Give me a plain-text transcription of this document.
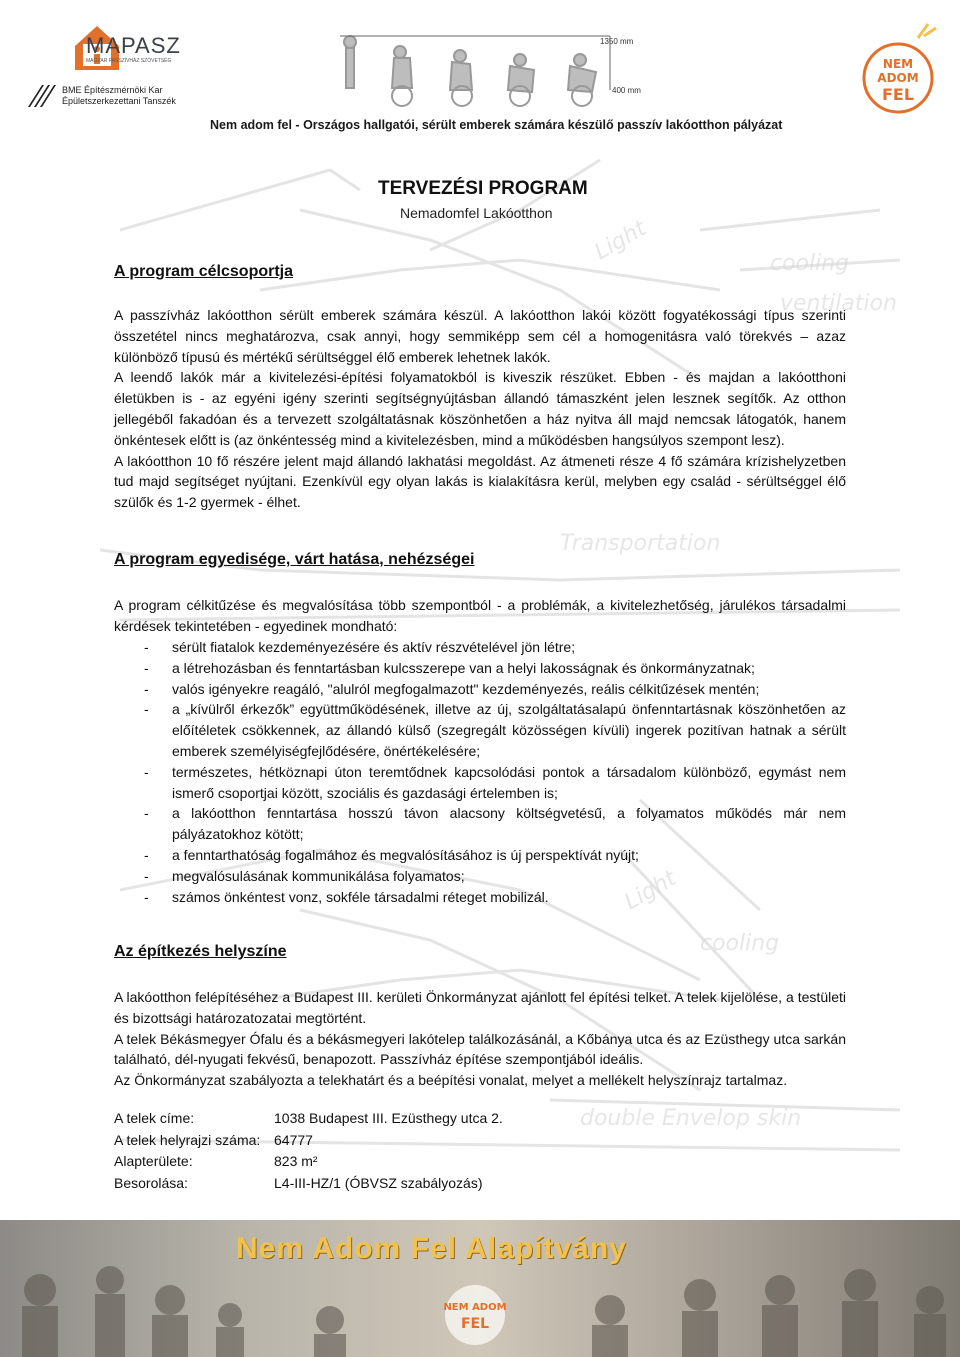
cooling
ventilation
Transportation
Light
Light
cooling
double Envelop skin
MAPASZ
MAGYAR PASSZÍVHÁZ SZÖVETSÉG
BME Építészmérnöki Kar
Épületszerkezettani Tanszék
1350 mm
400 mm
NEM
ADOM
FEL
Nem adom fel - Országos hallgatói, sérült emberek számára készülő passzív lakóotthon pályázat
TERVEZÉSI PROGRAM
Nemadomfel Lakóotthon
A program célcsoportja

A passzívház lakóotthon sérült emberek számára készül. A lakóotthon lakói között fogyatékossági típus szerinti összetétel nincs meghatározva, csak annyi, hogy semmiképp sem cél a homogenitásra való törekvés – azaz különböző típusú és mértékű sérültséggel élő emberek lehetnek lakók.

A leendő lakók már a kivitelezési-építési folyamatokból is kiveszik részüket. Ebben - és majdan a lakóotthoni életükben is - az egyéni igény szerinti segítségnyújtásban állandó támaszként jelen lesznek segítők. Az otthon jellegéből fakadóan és a tervezett szolgáltatásnak köszönhetően a ház nyitva áll majd nemcsak látogatók, hanem önkéntesek előtt is (az önkéntesség mind a kivitelezésben, mind a működésben hangsúlyos szempont lesz).

A lakóotthon 10 fő részére jelent majd állandó lakhatási megoldást. Az átmeneti része 4 fő számára krízishelyzetben tud majd segítséget nyújtani. Ezenkívül egy olyan lakás is kialakításra kerül, melyben egy család - sérültséggel élő szülők és 1-2 gyermek - élhet.

A program egyedisége, várt hatása, nehézségei
A program célkitűzése és megvalósítása több szempontból - a problémák, a kivitelezhetőség, járulékos társadalmi kérdések tekintetében - egyedinek mondható:
- sérült fiatalok kezdeményezésére és aktív részvételével jön létre;
- a létrehozásban és fenntartásban kulcsszerepe van a helyi lakosságnak és önkormányzatnak;
- valós igényekre reagáló, "alulról megfogalmazott" kezdeményezés, reális célkitűzések mentén;
- a „kívülről érkezők” együttműködésének, illetve az új, szolgáltatásalapú önfenntartásnak köszönhetően az előítéletek csökkennek, az állandó külső (szegregált közösségen kívüli) ingerek pozitívan hatnak a sérült emberek személyiségfejlődésére, önértékelésére;
- természetes, hétköznapi úton teremtődnek kapcsolódási pontok a társadalom különböző, egymást nem ismerő csoportjai között, szociális és gazdasági értelemben is;
- a lakóotthon fenntartása hosszú távon alacsony költségvetésű, a folyamatos működés már nem pályázatokhoz kötött;
- a fenntarthatóság fogalmához és megvalósításához is új perspektívát nyújt;
- megvalósulásának kommunikálása folyamatos;
- számos önkéntest vonz, sokféle társadalmi réteget mobilizál.
Az építkezés helyszíne

A lakóotthon felépítéséhez a Budapest III. kerületi Önkormányzat ajánlott fel építési telket. A telek kijelölése, a testületi és bizottsági határozatozatai megtörtént.

A telek Békásmegyer Ófalu és a békásmegyeri lakótelep találkozásánál, a Kőbánya utca és az Ezüsthegy utca sarkán található, dél-nyugati fekvésű, benapozott. Passzívház építése szempontjából ideális.

Az Önkormányzat szabályozta a telekhatárt és a beépítési vonalat, melyet a mellékelt helyszínrajz tartalmaz.

A telek címe:	1038 Budapest III. Ezüsthegy utca 2.
A telek helyrajzi száma: 64777
Alapterülete:	823 m²
Besorolása:	L4-III-HZ/1 (ÓBVSZ szabályozás)
NEM ADOM
FEL
Nem Adom Fel Alapítvány
